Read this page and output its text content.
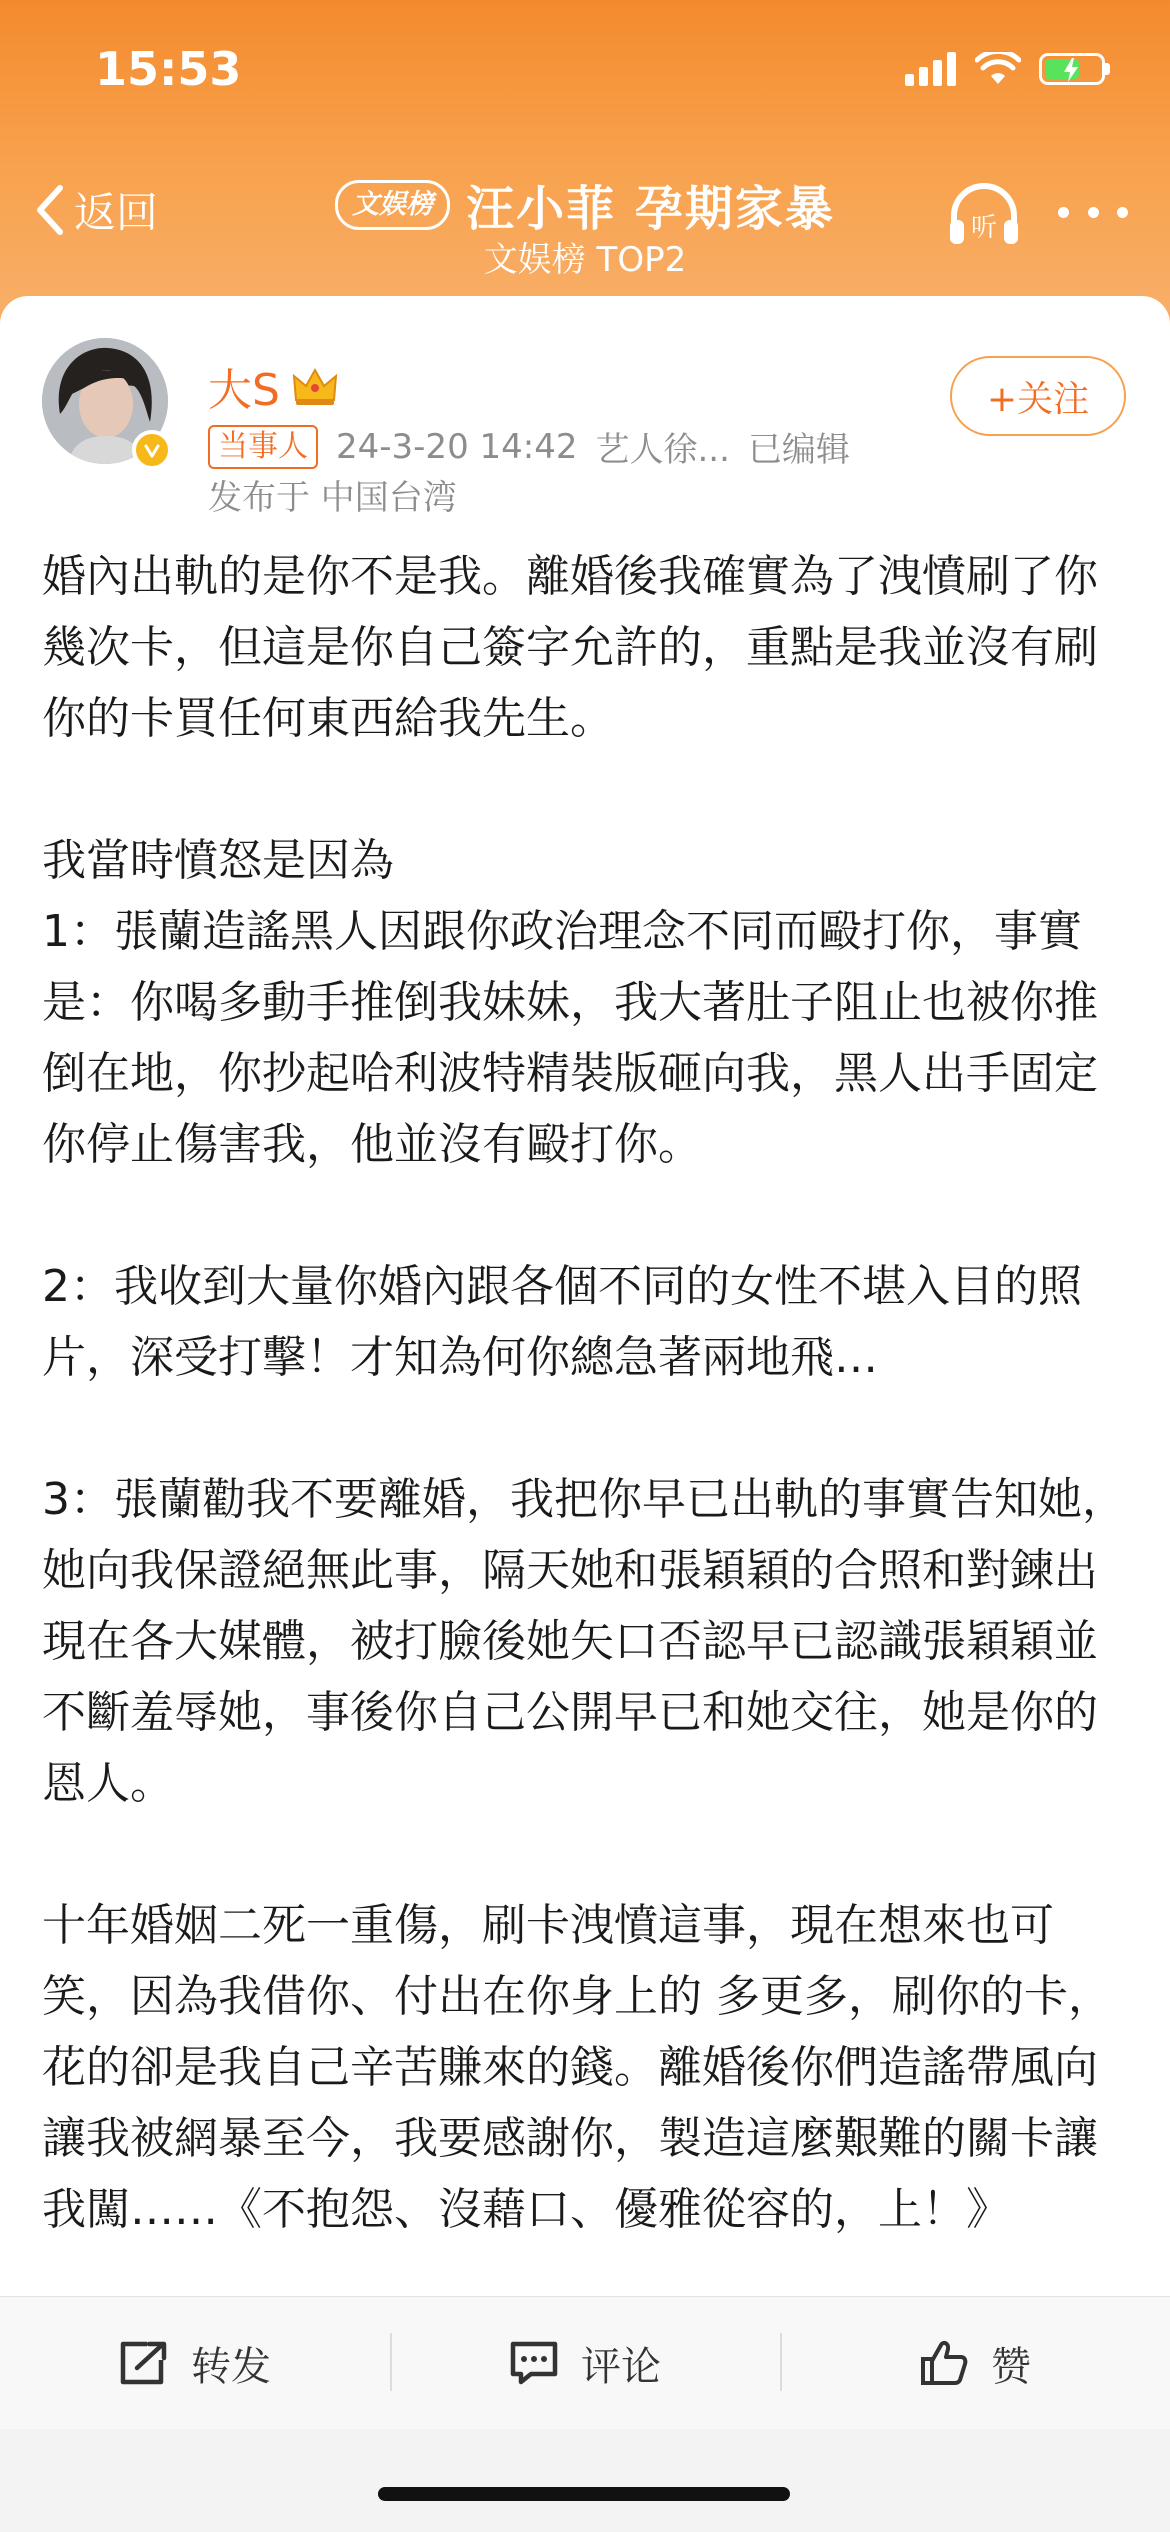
15:53
返回	文娱榜 汪小菲 孕期家暴
文娱榜 TOP2
听
大S
当事人 24-3-20 14:42 艺人徐... 已编辑
发布于 中国台湾
+关注
婚內出軌的是你不是我。離婚後我確實為了洩憤刷了你幾次卡，但這是你自己簽字允許的，重點是我並沒有刷你的卡買任何東西給我先生。

我當時憤怒是因為
1：張蘭造謠黑人因跟你政治理念不同而毆打你，事實是：你喝多動手推倒我妹妹，我大著肚子阻止也被你推倒在地，你抄起哈利波特精裝版砸向我，黑人出手固定你停止傷害我，他並沒有毆打你。

2：我收到大量你婚內跟各個不同的女性不堪入目的照片，深受打擊！才知為何你總急著兩地飛…

3：張蘭勸我不要離婚，我把你早已出軌的事實告知她，她向我保證絕無此事，隔天她和張穎穎的合照和對鍊出現在各大媒體，被打臉後她矢口否認早已認識張穎穎並不斷羞辱她，事後你自己公開早已和她交往，她是你的恩人。

十年婚姻二死一重傷，刷卡洩憤這事，現在想來也可笑，因為我借你、付出在你身上的 多更多，刷你的卡，花的卻是我自己辛苦賺來的錢。離婚後你們造謠帶風向讓我被網暴至今，我要感謝你，製造這麼艱難的關卡讓我闖……《不抱怨、沒藉口、優雅從容的，上！》
转发	评论	赞
